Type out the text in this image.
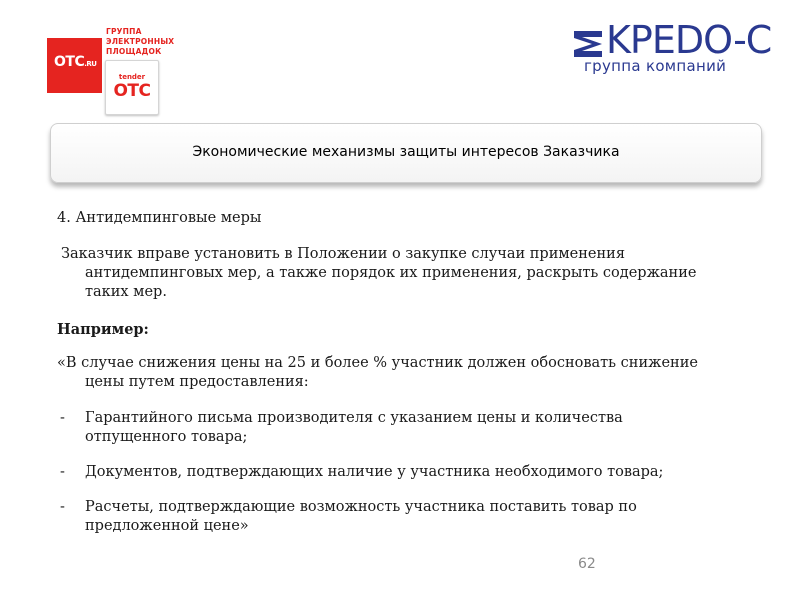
OTC.RU
ГРУППА
ЭЛЕКТРОННЫХ
ПЛОЩАДОК
tender
OTC
KPEDO-C
группа компаний
Экономические механизмы защиты интересов Заказчика
4. Антидемпинговые меры
Заказчик вправе установить в Положении о закупке случаи применения
антидемпинговых мер, а также порядок их применения, раскрыть содержание
таких мер.
Например:
«В случае снижения цены на 25 и более % участник должен обосновать снижение
цены путем предоставления:
- Гарантийного письма производителя с указанием цены и количества
отпущенного товара;
- Документов, подтверждающих наличие у участника необходимого товара;
- Расчеты, подтверждающие возможность участника поставить товар по
предложенной цене»
62
